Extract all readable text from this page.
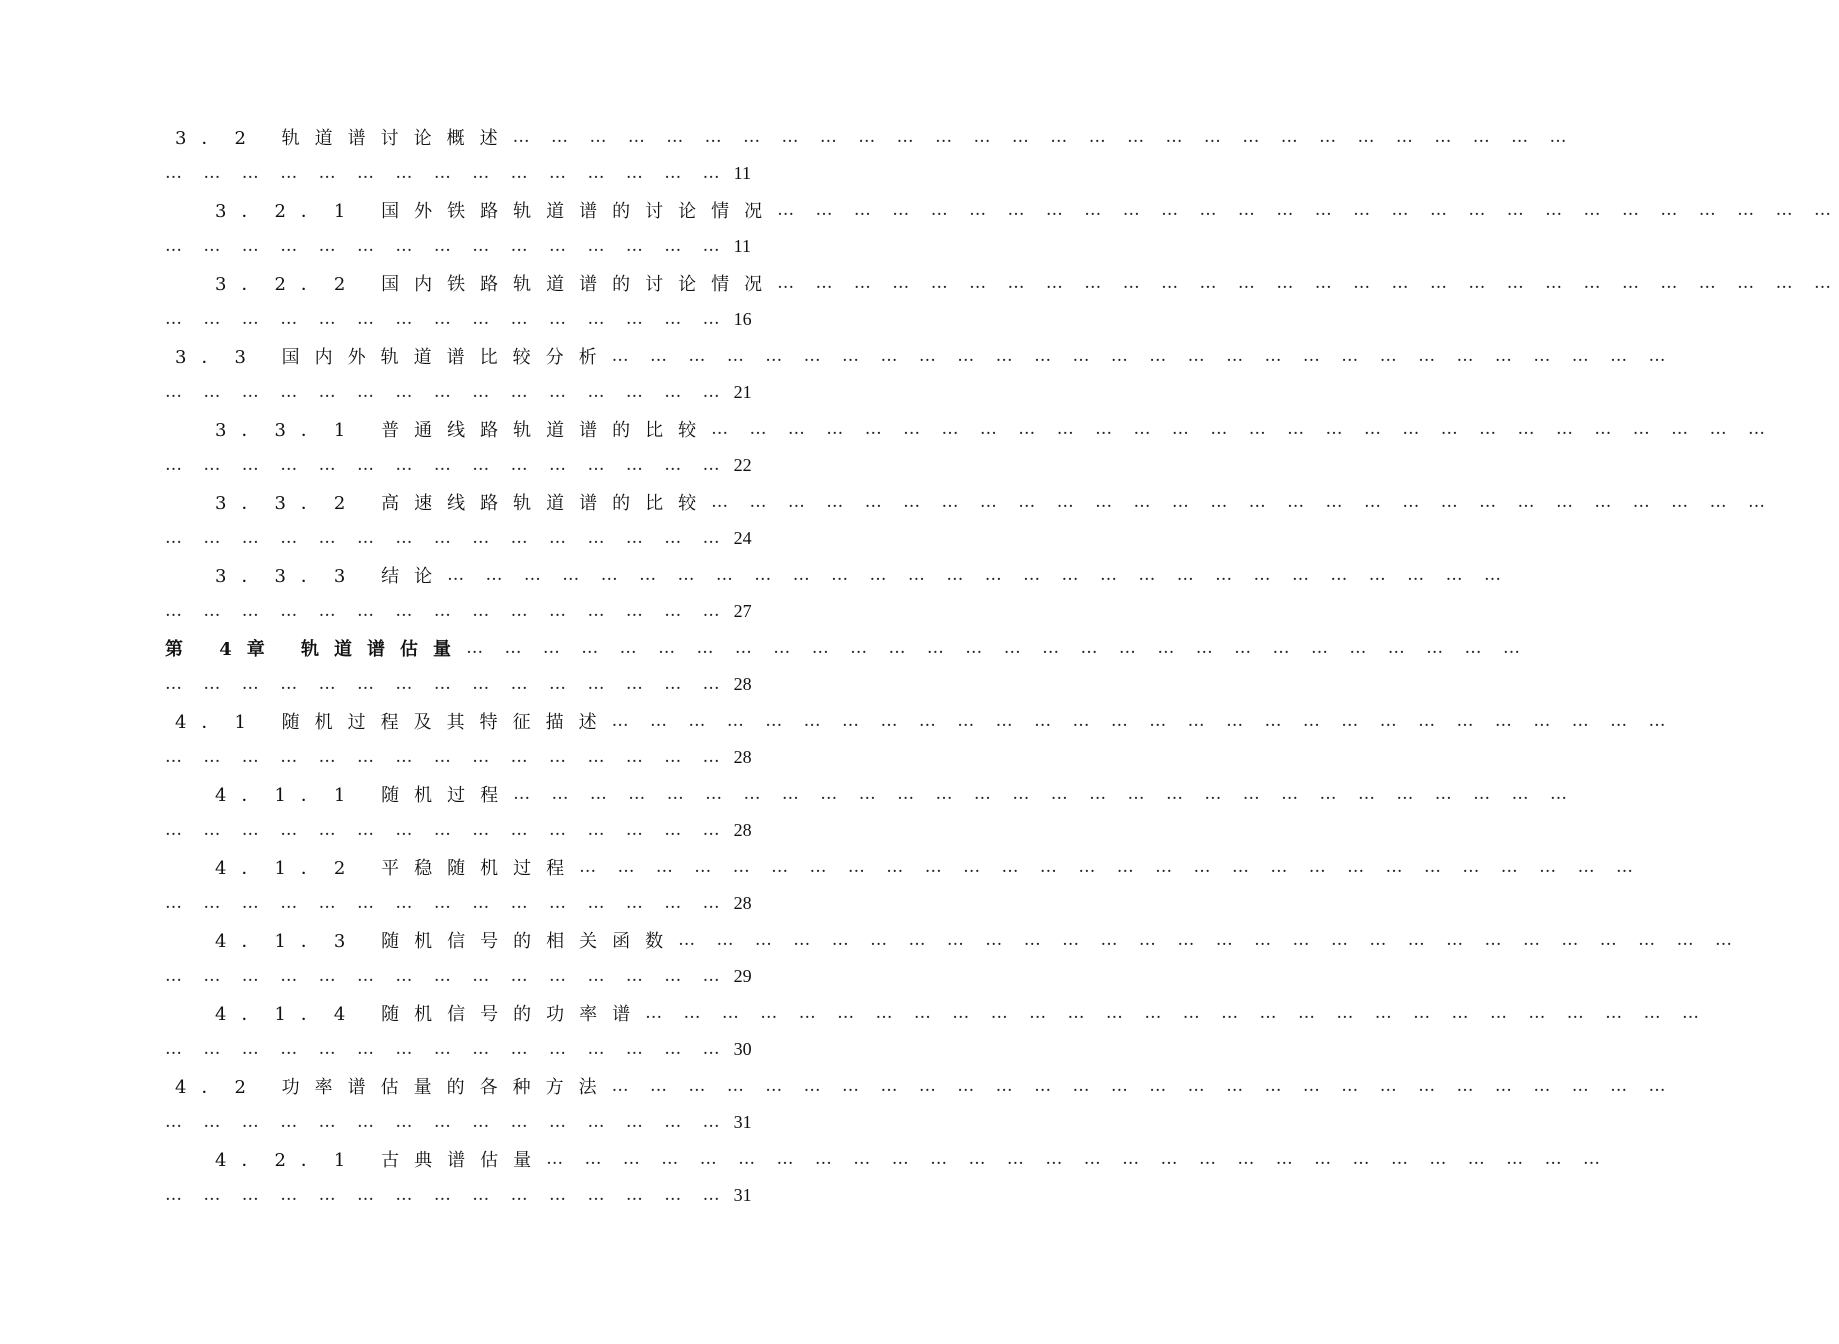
3．2 轨道谱讨论概述 … … … … … … … … … … … … … … … … … … … … … … … … … … … …
… … … … … … … … … … … … … … … 11
3．2．1 国外铁路轨道谱的讨论情况 … … … … … … … … … … … … … … … … … … … … … … … … … … … …
… … … … … … … … … … … … … … … 11
3．2．2 国内铁路轨道谱的讨论情况 … … … … … … … … … … … … … … … … … … … … … … … … … … … …
… … … … … … … … … … … … … … … 16
3．3 国内外轨道谱比较分析 … … … … … … … … … … … … … … … … … … … … … … … … … … … …
… … … … … … … … … … … … … … … 21
3．3．1 普通线路轨道谱的比较 … … … … … … … … … … … … … … … … … … … … … … … … … … … …
… … … … … … … … … … … … … … … 22
3．3．2 高速线路轨道谱的比较 … … … … … … … … … … … … … … … … … … … … … … … … … … … …
… … … … … … … … … … … … … … … 24
3．3．3 结论 … … … … … … … … … … … … … … … … … … … … … … … … … … … …
… … … … … … … … … … … … … … … 27
第 4章 轨道谱估量 … … … … … … … … … … … … … … … … … … … … … … … … … … … …
… … … … … … … … … … … … … … … 28
4．1 随机过程及其特征描述 … … … … … … … … … … … … … … … … … … … … … … … … … … … …
… … … … … … … … … … … … … … … 28
4．1．1 随机过程 … … … … … … … … … … … … … … … … … … … … … … … … … … … …
… … … … … … … … … … … … … … … 28
4．1．2 平稳随机过程 … … … … … … … … … … … … … … … … … … … … … … … … … … … …
… … … … … … … … … … … … … … … 28
4．1．3 随机信号的相关函数 … … … … … … … … … … … … … … … … … … … … … … … … … … … …
… … … … … … … … … … … … … … … 29
4．1．4 随机信号的功率谱 … … … … … … … … … … … … … … … … … … … … … … … … … … … …
… … … … … … … … … … … … … … … 30
4．2 功率谱估量的各种方法 … … … … … … … … … … … … … … … … … … … … … … … … … … … …
… … … … … … … … … … … … … … … 31
4．2．1 古典谱估量 … … … … … … … … … … … … … … … … … … … … … … … … … … … …
… … … … … … … … … … … … … … … 31
